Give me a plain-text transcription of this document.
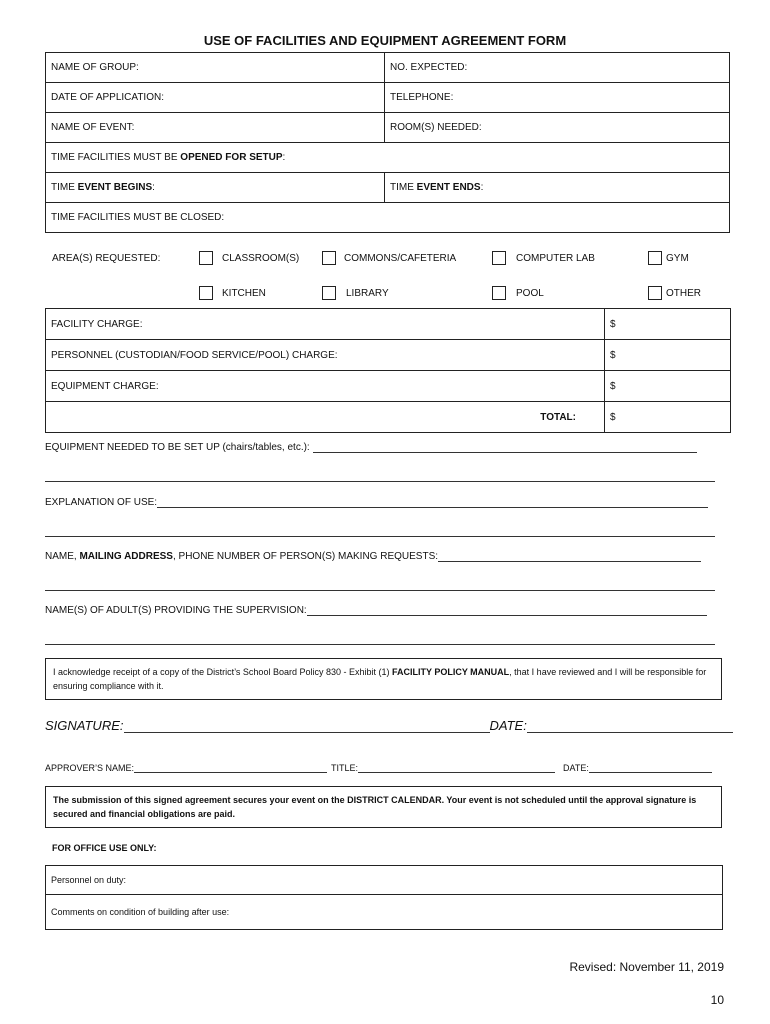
USE OF FACILITIES AND EQUIPMENT AGREEMENT FORM
NAME OF GROUP:	NO. EXPECTED:
DATE OF APPLICATION:	TELEPHONE:
NAME OF EVENT:	ROOM(S) NEEDED:
TIME FACILITIES MUST BE OPENED FOR SETUP:	
TIME EVENT BEGINS:	TIME EVENT ENDS:
TIME FACILITIES MUST BE CLOSED:	
AREA(S) REQUESTED:	CLASSROOM(S)	COMMONS/CAFETERIA	COMPUTER LAB	GYM
KITCHEN	LIBRARY	POOL	OTHER
FACILITY CHARGE:	$
PERSONNEL (CUSTODIAN/FOOD SERVICE/POOL) CHARGE:	$
EQUIPMENT CHARGE:	$
TOTAL:	$
EQUIPMENT NEEDED TO BE SET UP (chairs/tables, etc.):
EXPLANATION OF USE:
NAME, MAILING ADDRESS, PHONE NUMBER OF PERSON(S) MAKING REQUESTS:
NAME(S) OF ADULT(S) PROVIDING THE SUPERVISION:
I acknowledge receipt of a copy of the District’s School Board Policy 830 - Exhibit (1) FACILITY POLICY MANUAL, that I have reviewed and I will be responsible for ensuring compliance with it.
SIGNATURE:	DATE:
APPROVER’S NAME:	TITLE:	DATE:
The submission of this signed agreement secures your event on the DISTRICT CALENDAR. Your event is not scheduled until the approval signature is secured and financial obligations are paid.
FOR OFFICE USE ONLY:
Personnel on duty:
Comments on condition of building after use:
Revised: November 11, 2019
10
